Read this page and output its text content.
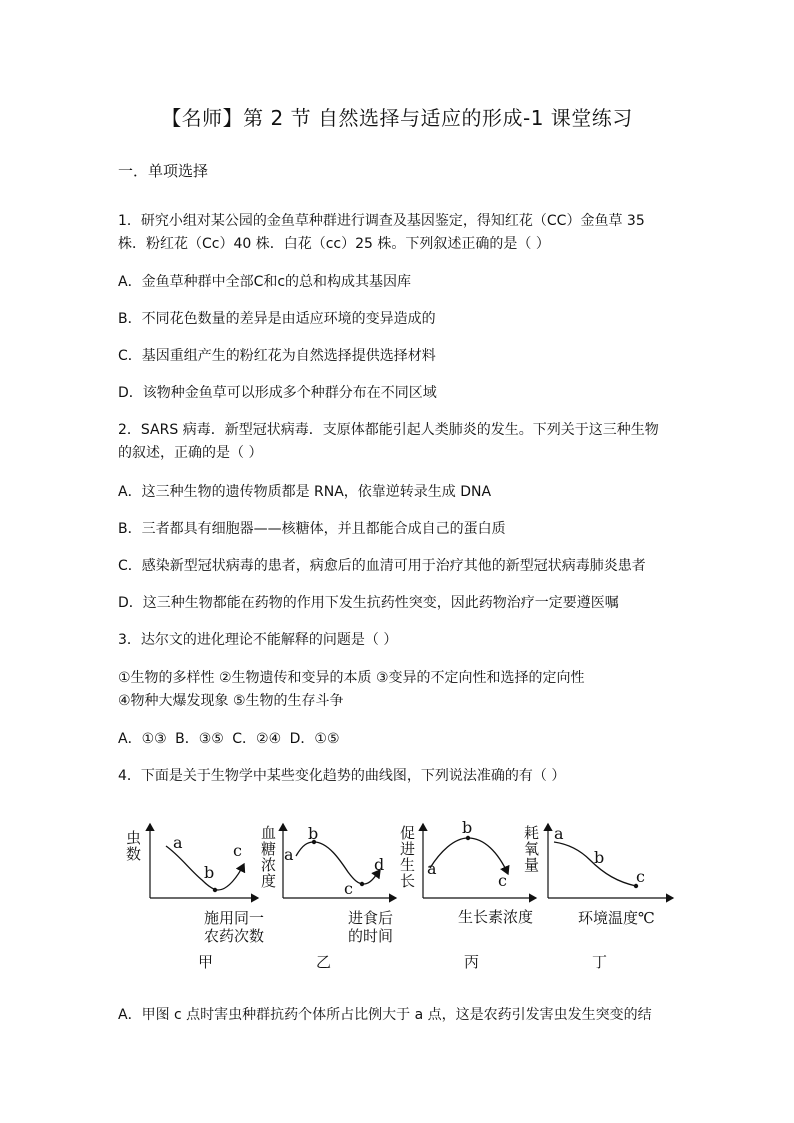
【名师】第 2 节 自然选择与适应的形成-1 课堂练习
一．单项选择
1．研究小组对某公园的金鱼草种群进行调查及基因鉴定，得知红花（CC）金鱼草 35
株．粉红花（Cc）40 株．白花（cc）25 株。下列叙述正确的是（ ）
A．金鱼草种群中全部C和c的总和构成其基因库
B．不同花色数量的差异是由适应环境的变异造成的
C．基因重组产生的粉红花为自然选择提供选择材料
D．该物种金鱼草可以形成多个种群分布在不同区域
2．SARS 病毒．新型冠状病毒．支原体都能引起人类肺炎的发生。下列关于这三种生物
的叙述，正确的是（ ）
A．这三种生物的遗传物质都是 RNA，依靠逆转录生成 DNA
B．三者都具有细胞器——核糖体，并且都能合成自己的蛋白质
C．感染新型冠状病毒的患者，病愈后的血清可用于治疗其他的新型冠状病毒肺炎患者
D．这三种生物都能在药物的作用下发生抗药性突变，因此药物治疗一定要遵医嘱
3．达尔文的进化理论不能解释的问题是（ ）
①生物的多样性 ②生物遗传和变异的本质 ③变异的不定向性和选择的定向性
④物种大爆发现象 ⑤生物的生存斗争
A．①③ B．③⑤ C．②④ D．①⑤
4．下面是关于生物学中某些变化趋势的曲线图，下列说法准确的有（ ）
虫
数
a
b
c
施用同一
农药次数
甲
血
糖
浓
度
a
b
c
d
进食后
的时间
乙
促
进
生
长
a
b
c
生长素浓度
丙
耗
氧
量
a
b
c
环境温度℃
丁
A．甲图 c 点时害虫种群抗药个体所占比例大于 a 点，这是农药引发害虫发生突变的结
